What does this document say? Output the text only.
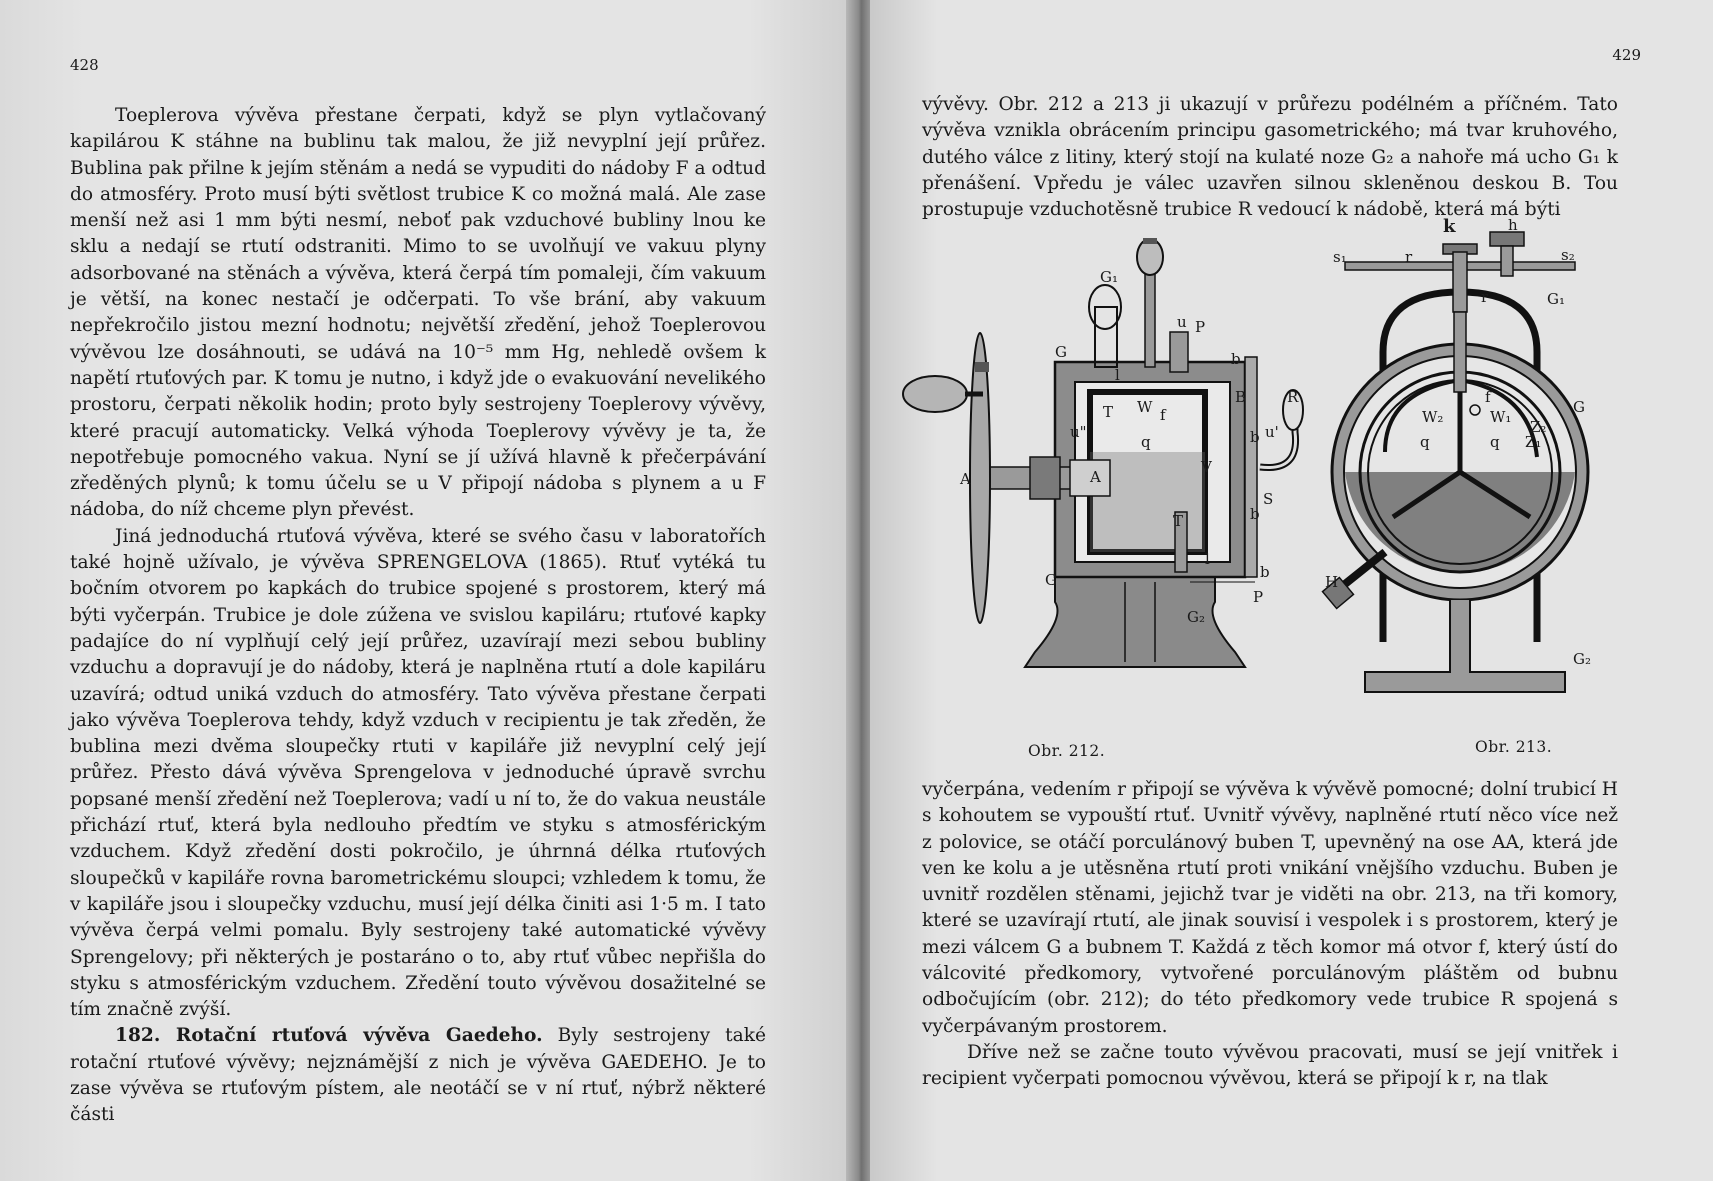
428

Toeplerova vývěva přestane čerpati, když se plyn vytlačovaný kapilárou K stáhne na bublinu tak malou, že již nevyplní její průřez. Bublina pak přilne k jejím stěnám a nedá se vypuditi do nádoby F a odtud do atmosféry. Proto musí býti světlost trubice K co možná malá. Ale zase menší než asi 1 mm býti nesmí, neboť pak vzduchové bubliny lnou ke sklu a nedají se rtutí odstraniti. Mimo to se uvolňují ve vakuu plyny adsorbované na stěnách a vývěva, která čerpá tím pomaleji, čím vakuum je větší, na konec nestačí je odčerpati. To vše brání, aby vakuum nepřekročilo jistou mezní hodnotu; největší zředění, jehož Toeplerovou vývěvou lze dosáhnouti, se udává na 10⁻⁵ mm Hg, nehledě ovšem k napětí rtuťových par. K tomu je nutno, i když jde o evakuování nevelikého prostoru, čerpati několik hodin; proto byly sestrojeny Toeplerovy vývěvy, které pracují automaticky. Velká výhoda Toeplerovy vývěvy je ta, že nepotřebuje pomocného vakua. Nyní se jí užívá hlavně k přečerpávání zředěných plynů; k tomu účelu se u V připojí nádoba s plynem a u F nádoba, do níž chceme plyn převést.

Jiná jednoduchá rtuťová vývěva, které se svého času v laboratořích také hojně užívalo, je vývěva SPRENGELOVA (1865). Rtuť vytéká tu bočním otvorem po kapkách do trubice spojené s prostorem, který má býti vyčerpán. Trubice je dole zúžena ve svislou kapiláru; rtuťové kapky padajíce do ní vyplňují celý její průřez, uzavírají mezi sebou bubliny vzduchu a dopravují je do nádoby, která je naplněna rtutí a dole kapiláru uzavírá; odtud uniká vzduch do atmosféry. Tato vývěva přestane čerpati jako vývěva Toeplerova tehdy, když vzduch v recipientu je tak zředěn, že bublina mezi dvěma sloupečky rtuti v kapiláře již nevyplní celý její průřez. Přesto dává vývěva Sprengelova v jednoduché úpravě svrchu popsané menší zředění než Toeplerova; vadí u ní to, že do vakua neustále přichází rtuť, která byla nedlouho předtím ve styku s atmosférickým vzduchem. Když zředění dosti pokročilo, je úhrnná délka rtuťových sloupečků v kapiláře rovna barometrickému sloupci; vzhledem k tomu, že v kapiláře jsou i sloupečky vzduchu, musí její délka činiti asi 1·5 m. I tato vývěva čerpá velmi pomalu. Byly sestrojeny také automatické vývěvy Sprengelovy; při některých je postaráno o to, aby rtuť vůbec nepřišla do styku s atmosférickým vzduchem. Zředění touto vývěvou dosažitelné se tím značně zvýší.

182. Rotační rtuťová vývěva Gaedeho. Byly sestrojeny také rotační rtuťové vývěvy; nejznámější z nich je vývěva GAEDEHO. Je to zase vývěva se rtuťovým pístem, ale neotáčí se v ní rtuť, nýbrž některé části

429

vývěvy. Obr. 212 a 213 ji ukazují v průřezu podélném a příčném. Tato vývěva vznikla obrácením principu gasometrického; má tvar kruhového, dutého válce z litiny, který stojí na kulaté noze G₂ a nahoře má ucho G₁ k přenášení. Vpředu je válec uzavřen silnou skleněnou deskou B. Tou prostupuje vzduchotěsně trubice R vedoucí k nádobě, která má býti

G₁
u P
G	b
B
T W f
R
u"
q	b u'
A	A
V
S
b
T
l
l
G	b
P
G₂
Obr. 212.
k	h
s₁	r	s₂
r	G₁
G
f
W₂	W₁
Z₂
q	q Z₁
H
G₂
Obr. 213.

vyčerpána, vedením r připojí se vývěva k vývěvě pomocné; dolní trubicí H s kohoutem se vypouští rtuť. Uvnitř vývěvy, naplněné rtutí něco více než z polovice, se otáčí porculánový buben T, upevněný na ose AA, která jde ven ke kolu a je utěsněna rtutí proti vnikání vnějšího vzduchu. Buben je uvnitř rozdělen stěnami, jejichž tvar je viděti na obr. 213, na tři komory, které se uzavírají rtutí, ale jinak souvisí i vespolek i s prostorem, který je mezi válcem G a bubnem T. Každá z těch komor má otvor f, který ústí do válcovité předkomory, vytvořené porculánovým pláštěm od bubnu odbočujícím (obr. 212); do této předkomory vede trubice R spojená s vyčerpávaným prostorem.

Dříve než se začne touto vývěvou pracovati, musí se její vnitřek i recipient vyčerpati pomocnou vývěvou, která se připojí k r, na tlak
